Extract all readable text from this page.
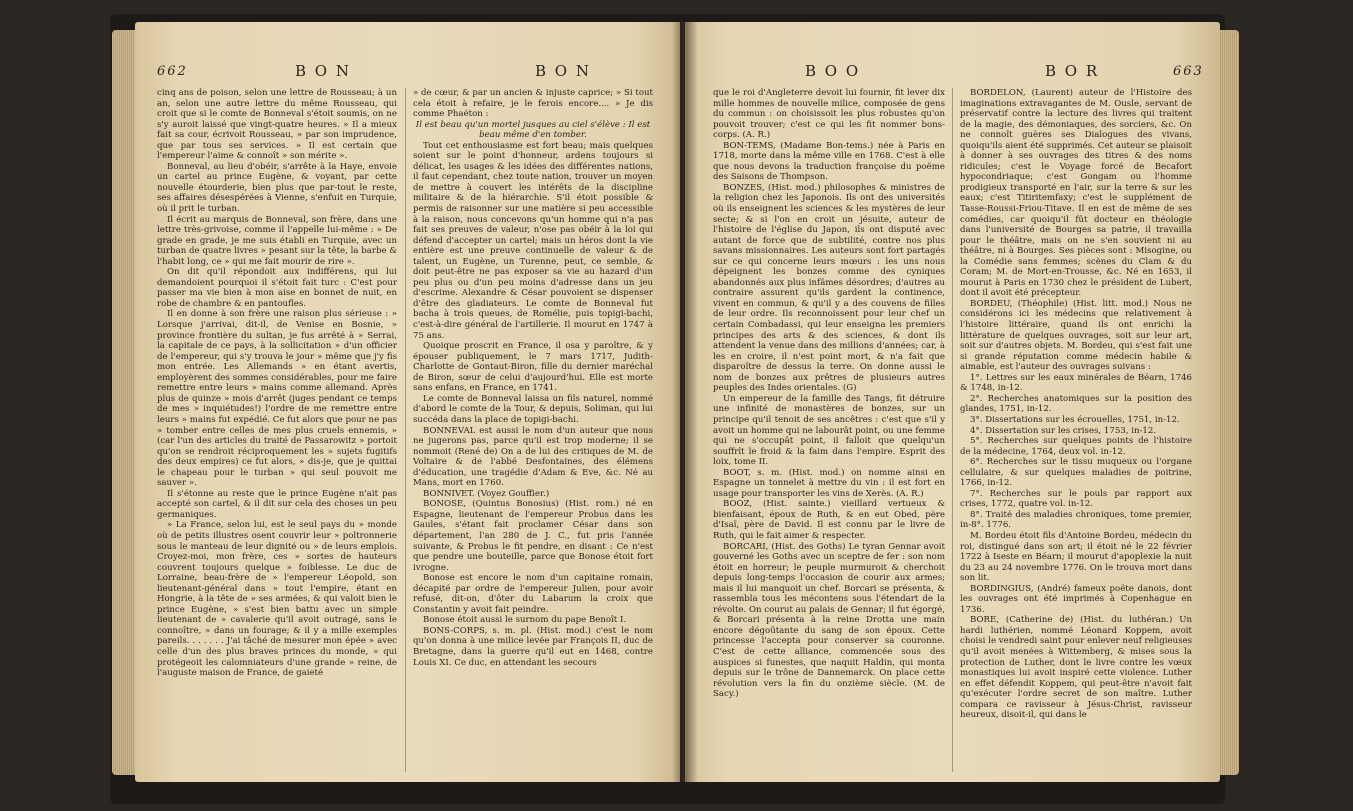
662	B O N	B O N

cinq ans de poison, selon une lettre de Rousseau; à un an, selon une autre lettre du même Rousseau, qui croit que si le comte de Bonneval s'étoit soumis, on ne s'y auroit laissé que vingt-quatre heures. » Il a mieux fait sa cour, écrivoit Rousseau, » par son imprudence, que par tous ses services. » Il est certain que l'empereur l'aime & connoît » son mérite ».

Bonneval, au lieu d'obéir, s'arrête à la Haye, envoie un cartel au prince Eugène, & voyant, par cette nouvelle étourderie, bien plus que par-tout le reste, ses affaires désespérées à Vienne, s'enfuit en Turquie, où il prit le turban.

Il écrit au marquis de Bonneval, son frère, dans une lettre très-grivoise, comme il l'appelle lui-même : » De grade en grade, je me suis établi en Turquie, avec un turban de quatre livres » pesant sur la tête, la barbe & l'habit long, ce » qui me fait mourir de rire ».

On dit qu'il répondoit aux indifférens, qui lui demandoient pourquoi il s'étoit fait turc : C'est pour passer ma vie bien à mon aise en bonnet de nuit, en robe de chambre & en pantoufles.

Il en donne à son frère une raison plus sérieuse : » Lorsque j'arrivai, dit-il, de Venise en Bosnie, » province frontière du sultan, je fus arrêté à » Serrai, la capitale de ce pays, à la sollicitation » d'un officier de l'empereur, qui s'y trouva le jour » même que j'y fis mon entrée. Les Allemands » en étant avertis, employèrent des sommes considérables, pour me faire remettre entre leurs » mains comme allemand. Après plus de quinze » mois d'arrêt (juges pendant ce temps de mes » inquiétudes!) l'ordre de me remettre entre leurs » mains fut expédié. Ce fut alors que pour ne pas » tomber entre celles de mes plus cruels ennemis, » (car l'un des articles du traité de Passarowitz » portoit qu'on se rendroit réciproquement les » sujets fugitifs des deux empires) ce fut alors, » dis-je, que je quittai le chapeau pour le turban » qui seul pouvoit me sauver ».

Il s'étonne au reste que le prince Eugène n'ait pas accepté son cartel, & il dit sur cela des choses un peu germaniques.

» La France, selon lui, est le seul pays du » monde où de petits illustres osent couvrir leur » poltronnerie sous le manteau de leur dignité ou » de leurs emplois. Croyez-moi, mon frère, ces » sortes de hauteurs couvrent toujours quelque » foiblesse. Le duc de Lorraine, beau-frère de » l'empereur Léopold, son lieutenant-général dans » tout l'empire, étant en Hongrie, à la tête de » ses armées, & qui valoit bien le prince Eugène, » s'est bien battu avec un simple lieutenant de » cavalerie qu'il avoit outragé, sans le connoître, » dans un fourage; & il y a mille exemples pareils. . . . . . . J'ai tâché de mesurer mon épée » avec celle d'un des plus braves princes du monde, » qui protégeoit les calomniateurs d'une grande » reine, de l'auguste maison de France, de gaieté

» de cœur, & par un ancien & injuste caprice; » Si tout cela étoit à refaire, je le ferois encore.... » Je dis comme Phaéton :

Il est beau qu'un mortel jusques au ciel s'élève : Il est beau même d'en tomber.

Tout cet enthousiasme est fort beau; mais quelques soient sur le point d'honneur, ardens toujours si délicat, les usages & les idées des différentes nations, il faut cependant, chez toute nation, trouver un moyen de mettre à couvert les intérêts de la discipline militaire & de la hiérarchie. S'il étoit possible & permis de raisonner sur une matière si peu accessible à la raison, nous concevons qu'un homme qui n'a pas fait ses preuves de valeur, n'ose pas obéir à la loi qui défend d'accepter un cartel; mais un héros dont la vie entière est une preuve continuelle de valeur & de talent, un Eugène, un Turenne, peut, ce semble, & doit peut-être ne pas exposer sa vie au hazard d'un peu plus ou d'un peu moins d'adresse dans un jeu d'escrime. Alexandre & César pouvoient se dispenser d'être des gladiateurs. Le comte de Bonneval fut bacha à trois queues, de Romélie, puis topigi-bachi, c'est-à-dire général de l'artillerie. Il mourut en 1747 à 75 ans.

Quoique proscrit en France, il osa y paroître, & y épouser publiquement, le 7 mars 1717, Judith-Charlotte de Gontaut-Biron, fille du dernier maréchal de Biron, sœur de celui d'aujourd'hui. Elle est morte sans enfans, en France, en 1741.

Le comte de Bonneval laissa un fils naturel, nommé d'abord le comte de la Tour, & depuis, Soliman, qui lui succéda dans la place de topigi-bachi.

BONNEVAL est aussi le nom d'un auteur que nous ne jugerons pas, parce qu'il est trop moderne; il se nommoit (René de) On a de lui des critiques de M. de Voltaire & de l'abbé Desfontaines, des élémens d'éducation, une tragédie d'Adam & Eve, &c. Né au Mans, mort en 1760.

BONNIVET. (Voyez Gouffier.)

BONOSE, (Quintus Bonosius) (Hist. rom.) né en Espagne, lieutenant de l'empereur Probus dans les Gaules, s'étant fait proclamer César dans son département, l'an 280 de J. C., fut pris l'année suivante, & Probus le fit pendre, en disant : Ce n'est que pendre une bouteille, parce que Bonose étoit fort ivrogne.

Bonose est encore le nom d'un capitaine romain, décapité par ordre de l'empereur Julien, pour avoir refusé, dit-on, d'ôter du Labarum la croix que Constantin y avoit fait peindre.

Bonose étoit aussi le surnom du pape Benoît I.

BONS-CORPS, s. m. pl. (Hist. mod.) c'est le nom qu'on donna à une milice levée par François II, duc de Bretagne, dans la guerre qu'il eut en 1468, contre Louis XI. Ce duc, en attendant les secours

B O O	B O R	663

que le roi d'Angleterre devoit lui fournir, fit lever dix mille hommes de nouvelle milice, composée de gens du commun : on choisissoit les plus robustes qu'on pouvoit trouver; c'est ce qui les fit nommer bons-corps. (A. R.)

BON-TEMS, (Madame Bon-tems.) née à Paris en 1718, morte dans la même ville en 1768. C'est à elle que nous devons la traduction françoise du poëme des Saisons de Thompson.

BONZES, (Hist. mod.) philosophes & ministres de la religion chez les Japonois. Ils ont des universités où ils enseignent les sciences & les mystères de leur secte; & si l'on en croit un jésuite, auteur de l'histoire de l'église du Japon, ils ont disputé avec autant de force que de subtilité, contre nos plus savans missionnaires. Les auteurs sont fort partagés sur ce qui concerne leurs mœurs : les uns nous dépeignent les bonzes comme des cyniques abandonnés aux plus infâmes désordres; d'autres au contraire assurent qu'ils gardent la continence, vivent en commun, & qu'il y a des couvens de filles de leur ordre. Ils reconnoissent pour leur chef un certain Combadassi, qui leur enseigna les premiers principes des arts & des sciences, & dont ils attendent la venue dans des millions d'années; car, à les en croire, il n'est point mort, & n'a fait que disparoître de dessus la terre. On donne aussi le nom de bonzes aux prêtres de plusieurs autres peuples des Indes orientales. (G)

Un empereur de la famille des Tangs, fit détruire une infinité de monastères de bonzes, sur un principe qu'il tenoit de ses ancêtres : c'est que s'il y avoit un homme qui ne labourât point, ou une femme qui ne s'occupât point, il falloit que quelqu'un souffrît le froid & la faim dans l'empire. Esprit des loix, tome II.

BOOT, s. m. (Hist. mod.) on nomme ainsi en Espagne un tonnelet à mettre du vin : il est fort en usage pour transporter les vins de Xerès. (A. R.)

BOOZ, (Hist. sainte.) vieillard vertueux & bienfaisant, époux de Ruth, & en eut Obed, père d'Isaï, père de David. Il est connu par le livre de Ruth, qui le fait aimer & respecter.

BORCARI, (Hist. des Goths) Le tyran Gennar avoit gouverné les Goths avec un sceptre de fer : son nom étoit en horreur; le peuple murmuroit & cherchoit depuis long-temps l'occasion de courir aux armes; mais il lui manquoit un chef. Borcari se présenta, & rassembla tous les mécontens sous l'étendart de la révolte. On courut au palais de Gennar; il fut égorgé, & Borcari présenta à la reine Drotta une main encore dégoûtante du sang de son époux. Cette princesse l'accepta pour conserver sa couronne. C'est de cette alliance, commencée sous des auspices si funestes, que naquit Haldin, qui monta depuis sur le trône de Dannemarck. On place cette révolution vers la fin du onzième siècle. (M. de Sacy.)

BORDELON, (Laurent) auteur de l'Histoire des imaginations extravagantes de M. Ousle, servant de préservatif contre la lecture des livres qui traitent de la magie, des démoniaques, des sorciers, &c. On ne connoît guères ses Dialogues des vivans, quoiqu'ils aient été supprimés. Cet auteur se plaisoit à donner à ses ouvrages des titres & des noms ridicules; c'est le Voyage forcé de Becafort hypocondriaque; c'est Gongam ou l'homme prodigieux transporté en l'air, sur la terre & sur les eaux; c'est Titiritemfaxy; c'est le supplément de Tasse-Roussi-Friou-Titave. Il en est de même de ses comédies, car quoiqu'il fût docteur en théologie dans l'université de Bourges sa patrie, il travailla pour le théâtre, mais on ne s'en souvient ni au théâtre, ni à Bourges. Ses pièces sont : Misogine, ou la Comédie sans femmes; scènes du Clam & du Coram; M. de Mort-en-Trousse, &c. Né en 1653, il mourut à Paris en 1730 chez le président de Lubert, dont il avoit été précepteur.

BORDEU, (Théophile) (Hist. litt. mod.) Nous ne considérons ici les médecins que relativement à l'histoire littéraire, quand ils ont enrichi la littérature de quelques ouvrages, soit sur leur art, soit sur d'autres objets. M. Bordeu, qui s'est fait une si grande réputation comme médecin habile & aimable, est l'auteur des ouvrages suivans :

1°. Lettres sur les eaux minérales de Béarn, 1746 & 1748, in-12.

2°. Recherches anatomiques sur la position des glandes, 1751, in-12.

3°. Dissertations sur les écrouelles, 1751, in-12.

4°. Dissertation sur les crises, 1753, in-12.

5°. Recherches sur quelques points de l'histoire de la médecine, 1764, deux vol. in-12.

6°. Recherches sur le tissu muqueux ou l'organe cellulaire, & sur quelques maladies de poitrine, 1766, in-12.

7°. Recherches sur le pouls par rapport aux crises, 1772, quatre vol. in-12.

8°. Traité des maladies chroniques, tome premier, in-8°. 1776.

M. Bordeu étoit fils d'Antoine Bordeu, médecin du roi, distingué dans son art; il étoit né le 22 février 1722 à Iseste en Béarn; il mourut d'apoplexie la nuit du 23 au 24 novembre 1776. On le trouva mort dans son lit.

BORDINGIUS, (André) fameux poëte danois, dont les ouvrages ont été imprimés à Copenhague en 1736.

BORE, (Catherine de) (Hist. du luthéran.) Un hardi luthérien, nommé Léonard Koppem, avoit choisi le vendredi saint pour enlever neuf religieuses qu'il avoit menées à Wittemberg, & mises sous la protection de Luther, dont le livre contre les vœux monastiques lui avoit inspiré cette violence. Luther en effet défendit Koppem, qui peut-être n'avoit fait qu'exécuter l'ordre secret de son maître. Luther compara ce ravisseur à Jésus-Christ, ravisseur heureux, disoit-il, qui dans le
